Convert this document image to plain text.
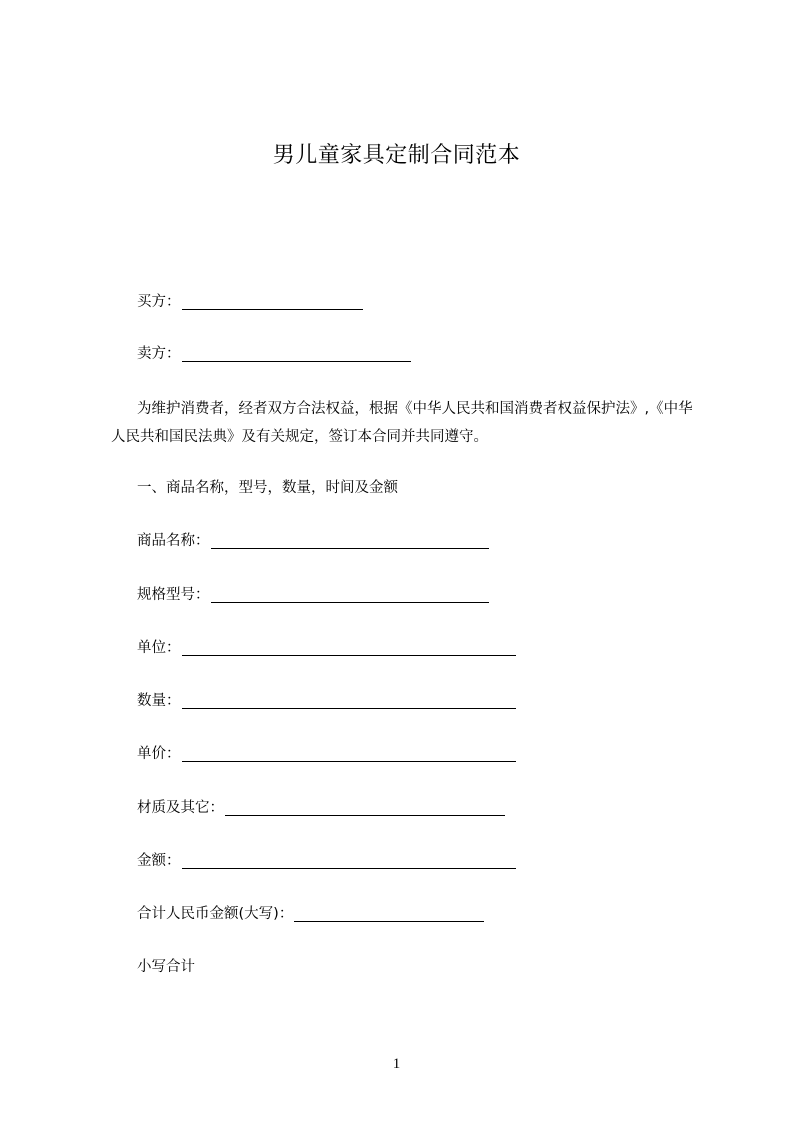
男儿童家具定制合同范本
买方：
卖方：
为维护消费者，经者双方合法权益，根据《中华人民共和国消费者权益保护法》,《中华人民共和国民法典》及有关规定，签订本合同并共同遵守。
一、商品名称，型号，数量，时间及金额
商品名称：
规格型号：
单位：
数量：
单价：
材质及其它：
金额：
合计人民币金额(大写)：
小写合计
1
